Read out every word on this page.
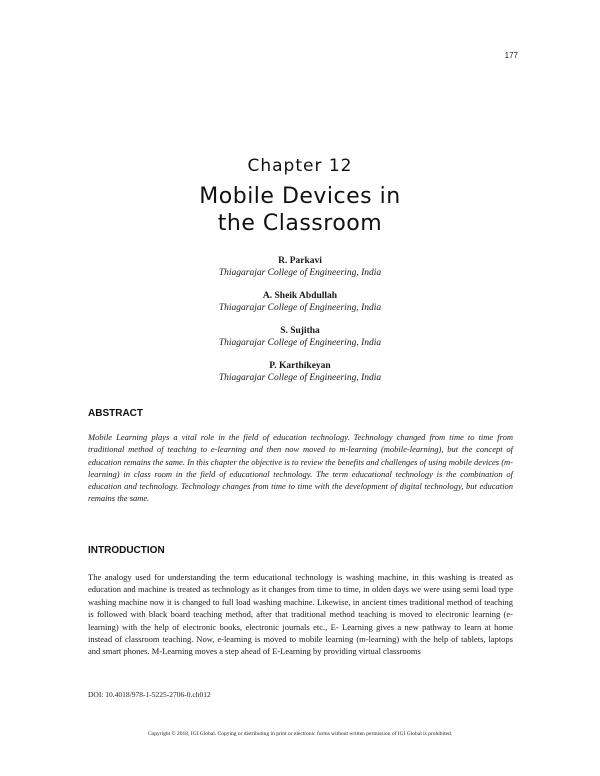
177
Chapter 12
Mobile Devices in
the Classroom
R. Parkavi
Thiagarajar College of Engineering, India
A. Sheik Abdullah
Thiagarajar College of Engineering, India
S. Sujitha
Thiagarajar College of Engineering, India
P. Karthikeyan
Thiagarajar College of Engineering, India
ABSTRACT

Mobile Learning plays a vital role in the field of education technology. Technology changed from time to time from traditional method of teaching to e-learning and then now moved to m-learning (mobile-learning), but the concept of education remains the same. In this chapter the objective is to review the benefits and challenges of using mobile devices (m-learning) in class room in the field of educational technology. The term educational technology is the combination of education and technology. Technology changes from time to time with the development of digital technology, but education remains the same.

INTRODUCTION

The analogy used for understanding the term educational technology is washing machine, in this washing is treated as education and machine is treated as technology as it changes from time to time, in olden days we were using semi load type washing machine now it is changed to full load washing machine. Likewise, in ancient times traditional method of teaching is followed with black board teaching method, after that traditional method teaching is moved to electronic learning (e-learning) with the help of electronic books, electronic journals etc., E- Learning gives a new pathway to learn at home instead of classroom teaching. Now, e-learning is moved to mobile learning (m-learning) with the help of tablets, laptops and smart phones. M-Learning moves a step ahead of E-Learning by providing virtual classrooms

DOI: 10.4018/978-1-5225-2706-0.ch012
Copyright © 2018, IGI Global. Copying or distributing in print or electronic forms without written permission of IGI Global is prohibited.
